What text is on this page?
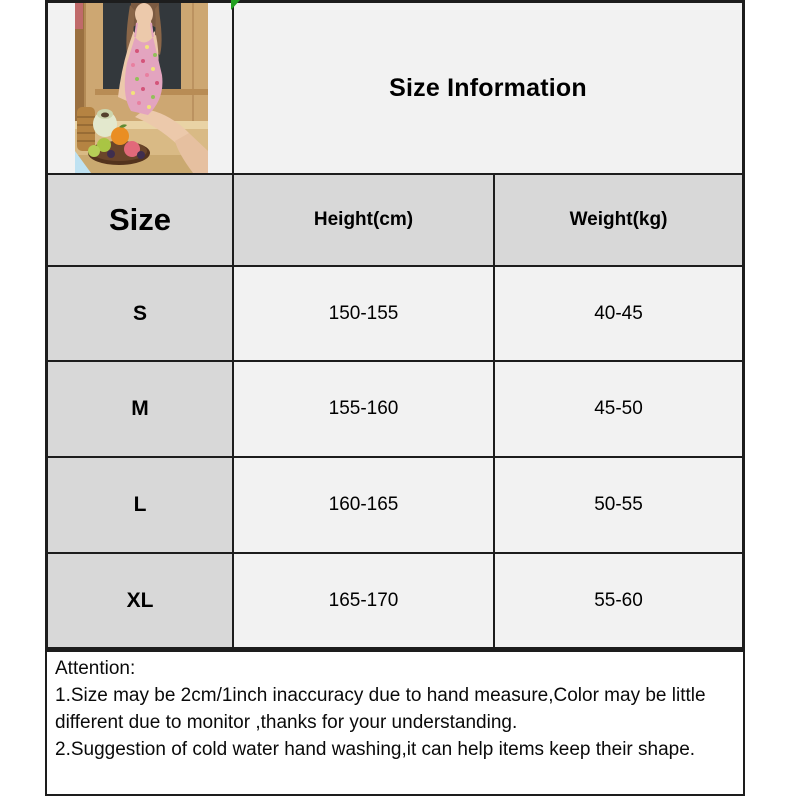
Size Information
Size	Height(cm)	Weight(kg)
S	150-155	40-45
M	155-160	45-50
L	160-165	50-55
XL	165-170	55-60

Attention:

1.Size may be 2cm/1inch inaccuracy due to hand measure,Color may be little different due to monitor ,thanks for your understanding.

2.Suggestion of cold water hand washing,it can help items keep their shape.
